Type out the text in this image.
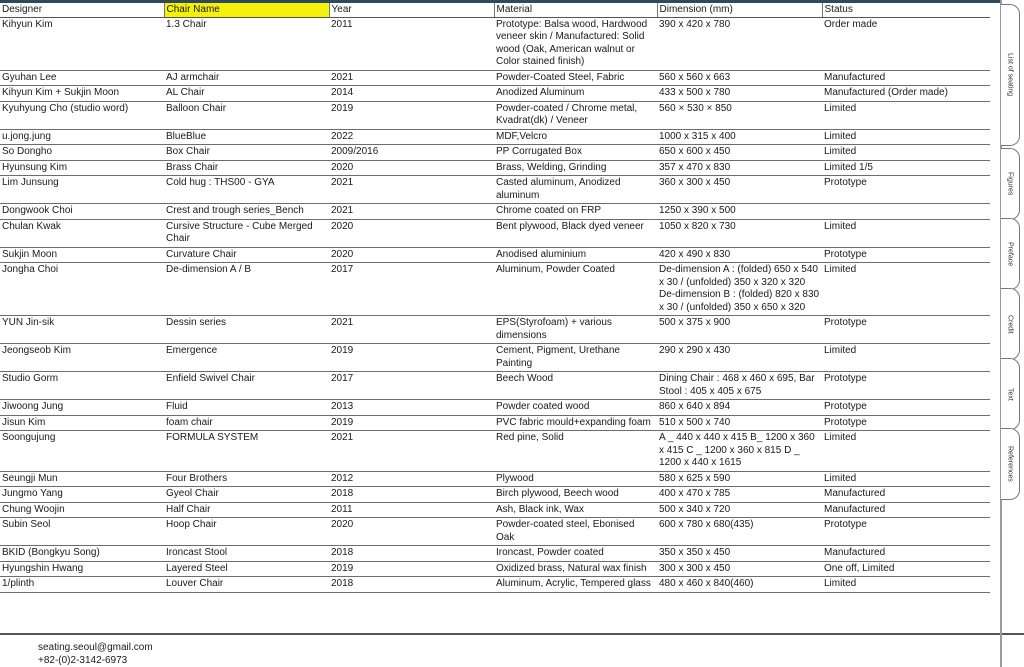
Designer	Chair Name	Year	Material	Dimension (mm)	Status
Kihyun Kim	1.3 Chair	2011	Prototype: Balsa wood, Hardwood veneer skin / Manufactured: Solid wood (Oak, American walnut or Color stained finish)	390 x 420 x 780	Order made
Gyuhan Lee	AJ armchair	2021	Powder-Coated Steel, Fabric	560 x 560 x 663	Manufactured
Kihyun Kim + Sukjin Moon	AL Chair	2014	Anodized Aluminum	433 x 500 x 780	Manufactured (Order made)
Kyuhyung Cho (studio word)	Balloon Chair	2019	Powder-coated / Chrome metal, Kvadrat(dk) / Veneer	560 × 530 × 850	Limited
u.jong.jung	BlueBlue	2022	MDF,Velcro	1000 x 315 x 400	Limited
So Dongho	Box Chair	2009/2016	PP Corrugated Box	650 x 600 x 450	Limited
Hyunsung Kim	Brass Chair	2020	Brass, Welding, Grinding	357 x 470 x 830	Limited 1/5
Lim Junsung	Cold hug : THS00 - GYA	2021	Casted aluminum, Anodized aluminum	360 x 300 x 450	Prototype
Dongwook Choi	Crest and trough series_Bench	2021	Chrome coated on FRP	1250 x 390 x 500	
Chulan Kwak	Cursive Structure - Cube Merged Chair	2020	Bent plywood, Black dyed veneer	1050 x 820 x 730	Limited
Sukjin Moon	Curvature Chair	2020	Anodised aluminium	420 x 490 x 830	Prototype
Jongha Choi	De-dimension A / B	2017	Aluminum, Powder Coated	De-dimension A : (folded) 650 x 540 x 30 / (unfolded) 350 x 320 x 320 De-dimension B : (folded) 820 x 830 x 30 / (unfolded) 350 x 650 x 320	Limited
YUN Jin-sik	Dessin series	2021	EPS(Styrofoam) + various dimensions	500 x 375 x 900	Prototype
Jeongseob Kim	Emergence	2019	Cement, Pigment, Urethane Painting	290 x 290 x 430	Limited
Studio Gorm	Enfield Swivel Chair	2017	Beech Wood	Dining Chair : 468 x 460 x 695, Bar Stool : 405 x 405 x 675	Prototype
Jiwoong Jung	Fluid	2013	Powder coated wood	860 x 640 x 894	Prototype
Jisun Kim	foam chair	2019	PVC fabric mould+expanding foam	510 x 500 x 740	Prototype
Soongujung	FORMULA SYSTEM	2021	Red pine, Solid	A _ 440 x 440 x 415 B_ 1200 x 360 x 415 C _ 1200 x 360 x 815 D _ 1200 x 440 x 1615	Limited
Seungji Mun	Four Brothers	2012	Plywood	580 x 625 x 590	Limited
Jungmo Yang	Gyeol Chair	2018	Birch plywood, Beech wood	400 x 470 x 785	Manufactured
Chung Woojin	Half Chair	2011	Ash, Black ink, Wax	500 x 340 x 720	Manufactured
Subin Seol	Hoop Chair	2020	Powder-coated steel, Ebonised Oak	600 x 780 x 680(435)	Prototype
BKID (Bongkyu Song)	Ironcast Stool	2018	Ironcast, Powder coated	350 x 350 x 450	Manufactured
Hyungshin Hwang	Layered Steel	2019	Oxidized brass, Natural wax finish	300 x 300 x 450	One off, Limited
1/plinth	Louver Chair	2018	Aluminum, Acrylic, Tempered glass	480 x 460 x 840(460)	Limited
List of seating
Figures
Preface
Credit
Text
References
seating.seoul@gmail.com
+82-(0)2-3142-6973
